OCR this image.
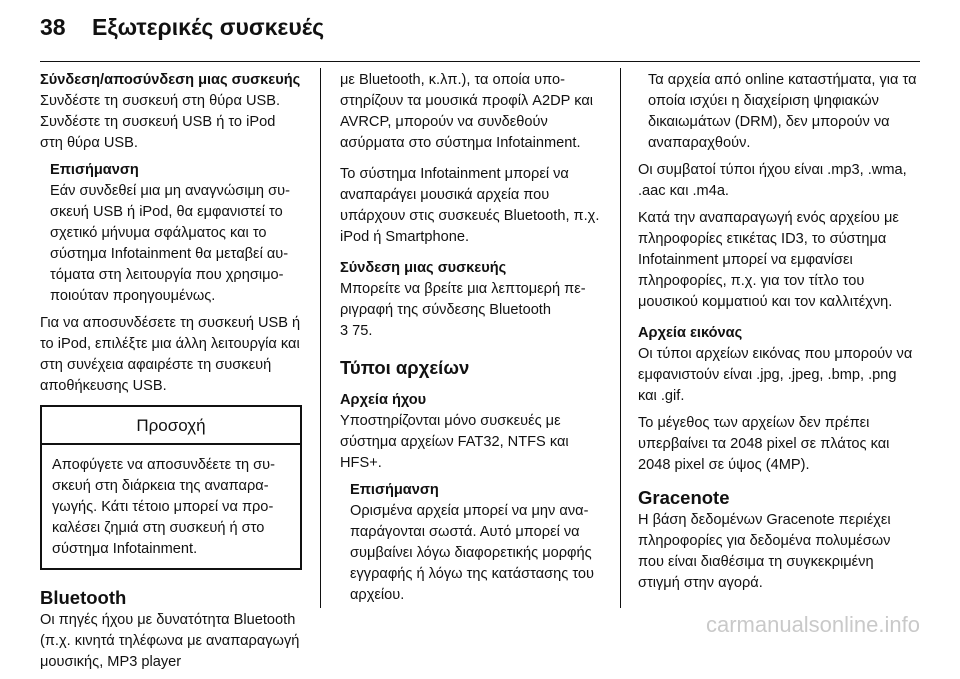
38 Εξωτερικές συσκευές
Σύνδεση/αποσύνδεση μιας συσκευής

Συνδέστε τη συσκευή στη θύρα USB. Συνδέστε τη συσκευή USB ή το iPod στη θύρα USB.

Επισήμανση

Εάν συνδεθεί μια μη αναγνώσιμη συσκευή USB ή iPod, θα εμφανιστεί το σχετικό μήνυμα σφάλματος και το σύστημα Infotainment θα μεταβεί αυτόματα στη λειτουργία που χρησιμοποιούταν προηγουμένως.

Για να αποσυνδέσετε τη συσκευή USB ή το iPod, επιλέξτε μια άλλη λειτουργία και στη συνέχεια αφαιρέστε τη συσκευή αποθήκευσης USB.

Προσοχή
Αποφύγετε να αποσυνδέετε τη συσκευή στη διάρκεια της αναπαραγωγής. Κάτι τέτοιο μπορεί να προκαλέσει ζημιά στη συσκευή ή στο σύστημα Infotainment.
Bluetooth

Οι πηγές ήχου με δυνατότητα Bluetooth (π.χ. κινητά τηλέφωνα με αναπαραγωγή μουσικής, MP3 player

με Bluetooth, κ.λπ.), τα οποία υποστηρίζουν τα μουσικά προφίλ A2DP και AVRCP, μπορούν να συνδεθούν ασύρματα στο σύστημα Infotainment.

Το σύστημα Infotainment μπορεί να αναπαράγει μουσικά αρχεία που υπάρχουν στις συσκευές Bluetooth, π.χ. iPod ή Smartphone.

Σύνδεση μιας συσκευής

Μπορείτε να βρείτε μια λεπτομερή περιγραφή της σύνδεσης Bluetooth
3 75.

Τύποι αρχείων
Αρχεία ήχου

Υποστηρίζονται μόνο συσκευές με σύστημα αρχείων FAT32, NTFS και HFS+.

Επισήμανση

Ορισμένα αρχεία μπορεί να μην αναπαράγονται σωστά. Αυτό μπορεί να συμβαίνει λόγω διαφορετικής μορφής εγγραφής ή λόγω της κατάστασης του αρχείου.

Τα αρχεία από online καταστήματα, για τα οποία ισχύει η διαχείριση ψηφιακών δικαιωμάτων (DRM), δεν μπορούν να αναπαραχθούν.

Οι συμβατοί τύποι ήχου είναι .mp3, .wma, .aac και .m4a.

Κατά την αναπαραγωγή ενός αρχείου με πληροφορίες ετικέτας ID3, το σύστημα Infotainment μπορεί να εμφανίσει πληροφορίες, π.χ. για τον τίτλο του μουσικού κομματιού και τον καλλιτέχνη.

Αρχεία εικόνας

Οι τύποι αρχείων εικόνας που μπορούν να εμφανιστούν είναι .jpg, .jpeg, .bmp, .png και .gif.

Το μέγεθος των αρχείων δεν πρέπει υπερβαίνει τα 2048 pixel σε πλάτος και 2048 pixel σε ύψος (4MP).

Gracenote

Η βάση δεδομένων Gracenote περιέχει πληροφορίες για δεδομένα πολυμέσων που είναι διαθέσιμα τη συγκεκριμένη στιγμή στην αγορά.

carmanualsonline.info
